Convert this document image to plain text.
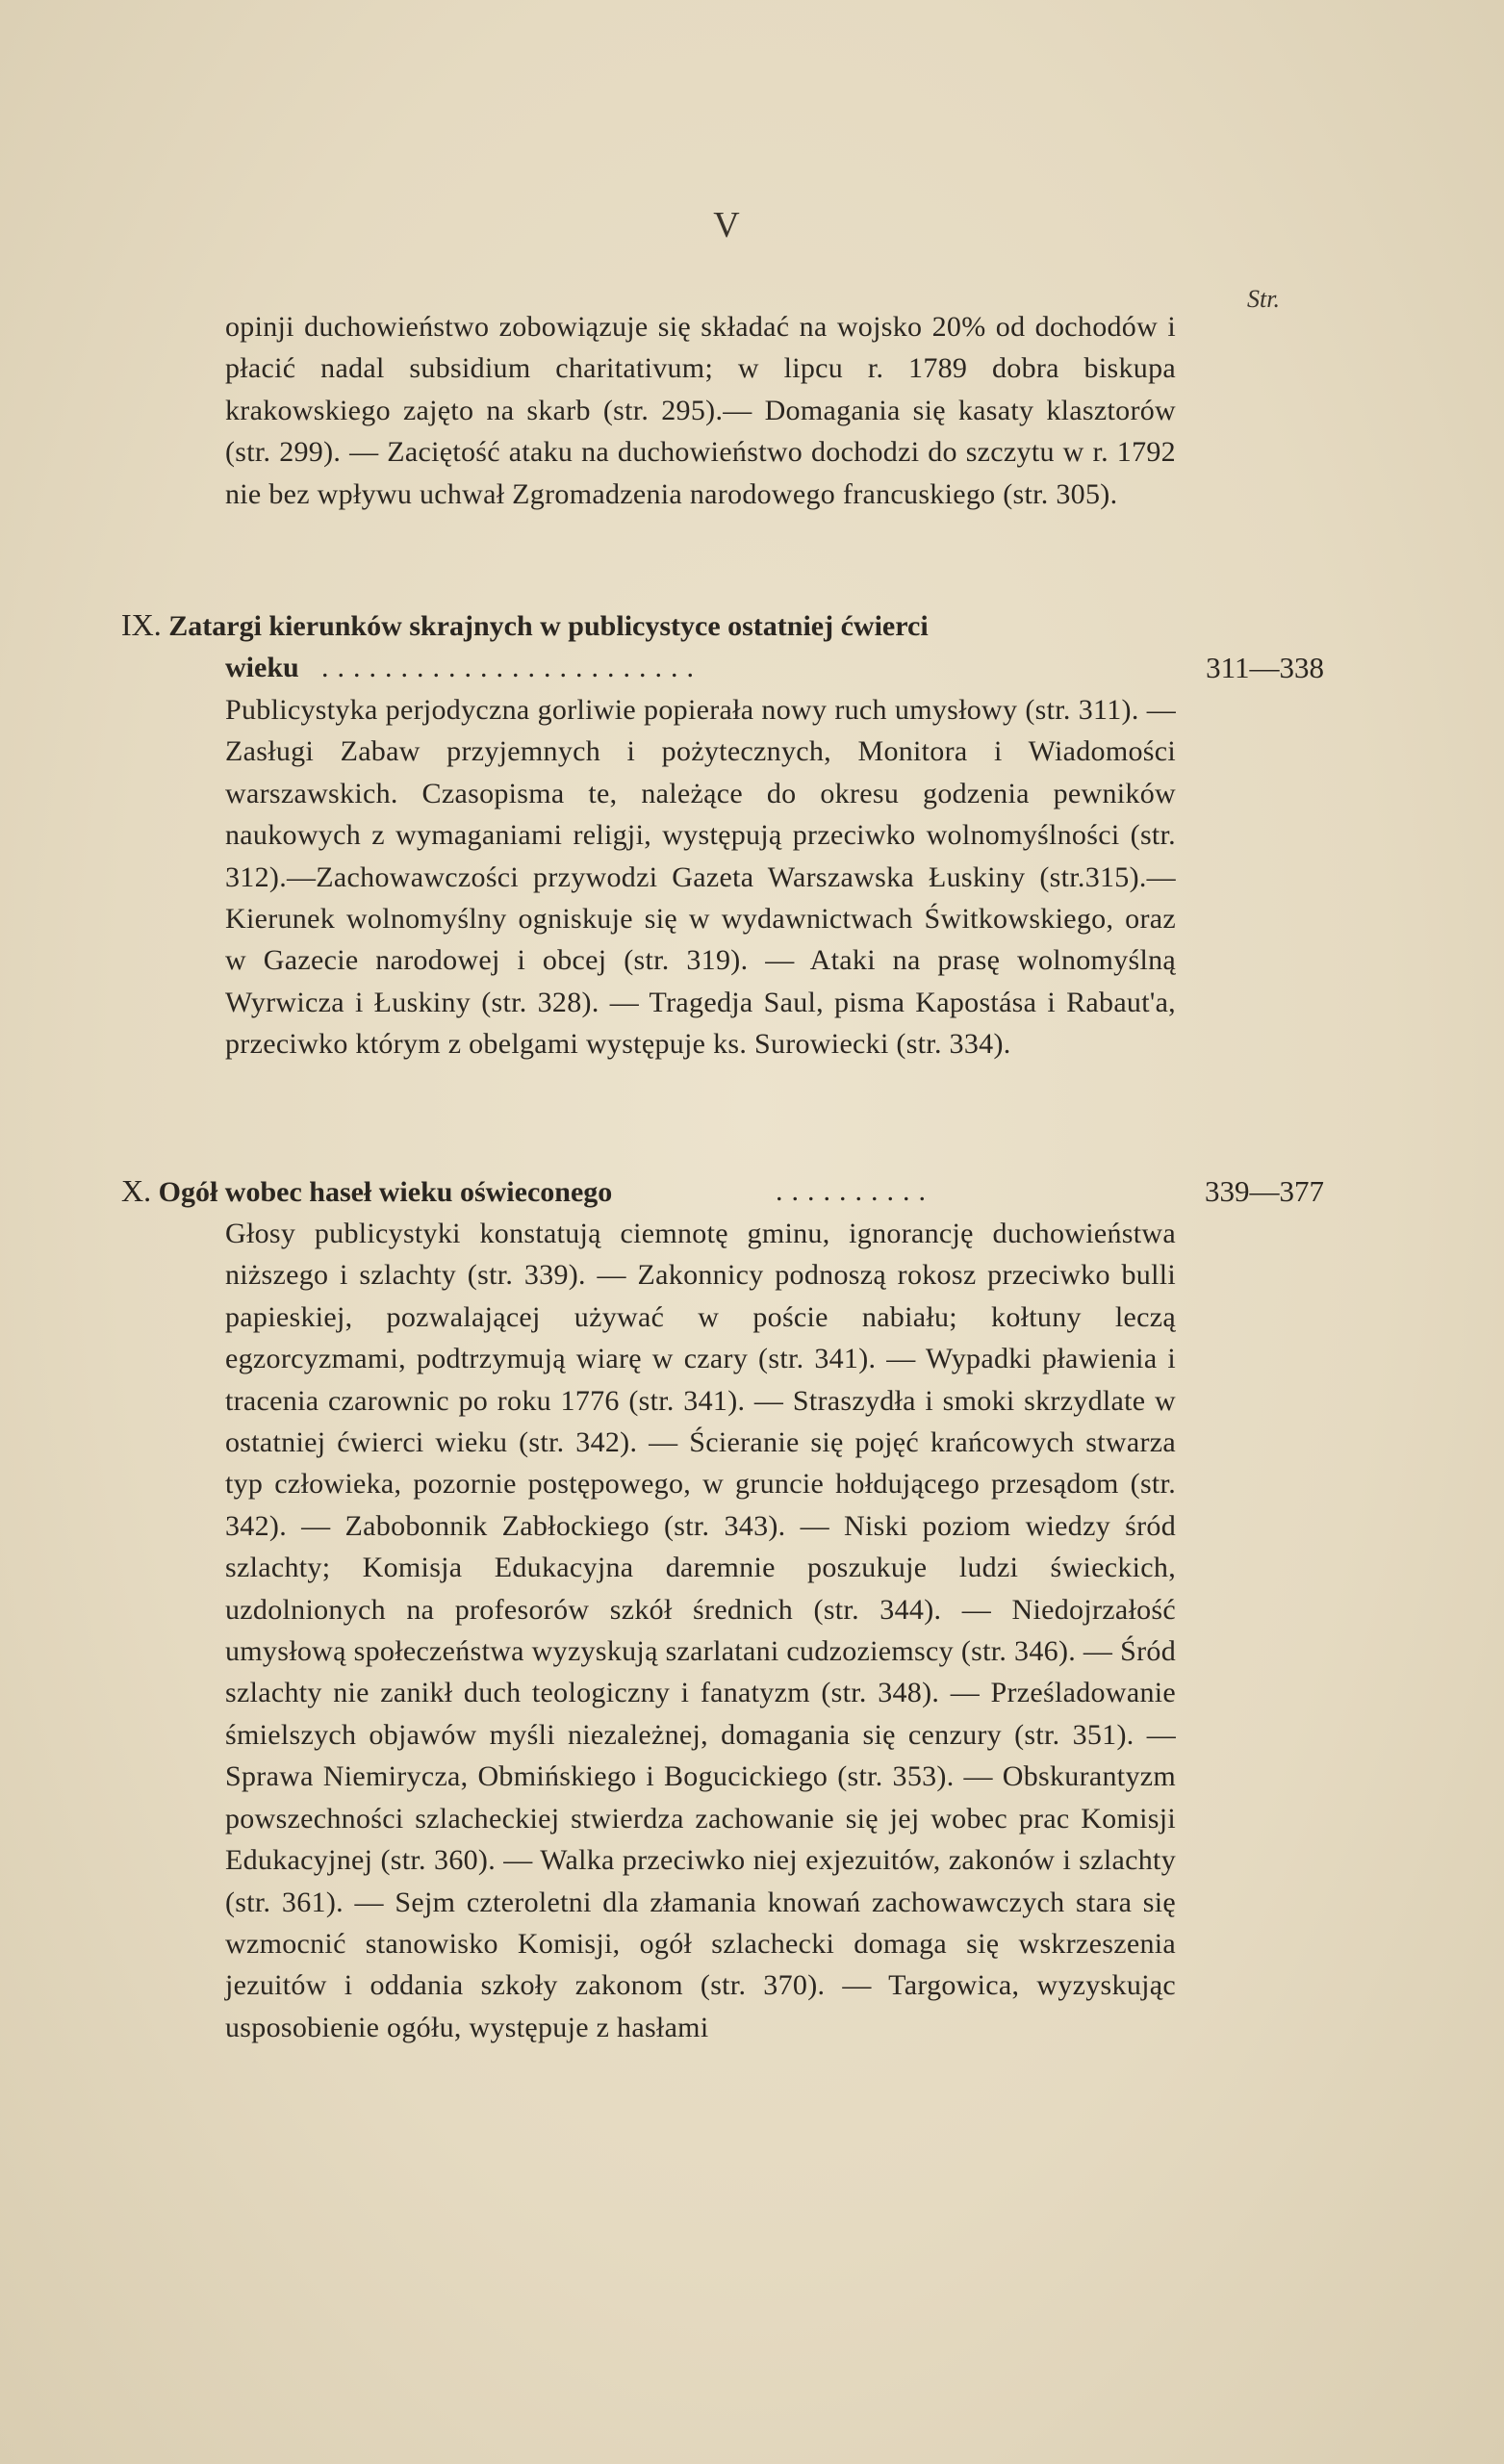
V
Str.
opinji duchowieństwo zobowiązuje się składać na wojsko 20% od dochodów i płacić nadal subsidium charitativum; w lipcu r. 1789 dobra biskupa krakowskiego zajęto na skarb (str. 295).— Domagania się kasaty klasztorów (str. 299). — Zaciętość ataku na duchowieństwo dochodzi do szczytu w r. 1792 nie bez wpływu uchwał Zgromadzenia narodowego francuskiego (str. 305).
IX. Zatargi kierunków skrajnych w publicystyce ostatniej ćwierci
wieku ........................	311—338
Publicystyka perjodyczna gorliwie popierała nowy ruch umysłowy (str. 311). — Zasługi Zabaw przyjemnych i pożytecznych, Monitora i Wiadomości warszawskich. Czasopisma te, należące do okresu godzenia pewników naukowych z wymaganiami religji, występują przeciwko wolnomyślności (str. 312).—Zachowawczości przywodzi Gazeta Warszawska Łuskiny (str.315).— Kierunek wolnomyślny ogniskuje się w wydawnictwach Świtkowskiego, oraz w Gazecie narodowej i obcej (str. 319). — Ataki na prasę wolnomyślną Wyrwicza i Łuskiny (str. 328). — Tragedja Saul, pisma Kapostása i Rabaut'a, przeciwko którym z obelgami występuje ks. Surowiecki (str. 334).
X. Ogół wobec haseł wieku oświeconego	..........	339—377
Głosy publicystyki konstatują ciemnotę gminu, ignorancję duchowieństwa niższego i szlachty (str. 339). — Zakonnicy podnoszą rokosz przeciwko bulli papieskiej, pozwalającej używać w poście nabiału; kołtuny leczą egzorcyzmami, podtrzymują wiarę w czary (str. 341). — Wypadki pławienia i tracenia czarownic po roku 1776 (str. 341). — Straszydła i smoki skrzydlate w ostatniej ćwierci wieku (str. 342). — Ścieranie się pojęć krańcowych stwarza typ człowieka, pozornie postępowego, w gruncie hołdującego przesądom (str. 342). — Zabobonnik Zabłockiego (str. 343). — Niski poziom wiedzy śród szlachty; Komisja Edukacyjna daremnie poszukuje ludzi świeckich, uzdolnionych na profesorów szkół średnich (str. 344). — Niedojrzałość umysłową społeczeństwa wyzyskują szarlatani cudzoziemscy (str. 346). — Śród szlachty nie zanikł duch teologiczny i fanatyzm (str. 348). — Prześladowanie śmielszych objawów myśli niezależnej, domagania się cenzury (str. 351). — Sprawa Niemirycza, Obmińskiego i Bogucickiego (str. 353). — Obskurantyzm powszechności szlacheckiej stwierdza zachowanie się jej wobec prac Komisji Edukacyjnej (str. 360). — Walka przeciwko niej exjezuitów, zakonów i szlachty (str. 361). — Sejm czteroletni dla złamania knowań zachowawczych stara się wzmocnić stanowisko Komisji, ogół szlachecki domaga się wskrzeszenia jezuitów i oddania szkoły zakonom (str. 370). — Targowica, wyzyskując usposobienie ogółu, występuje z hasłami
